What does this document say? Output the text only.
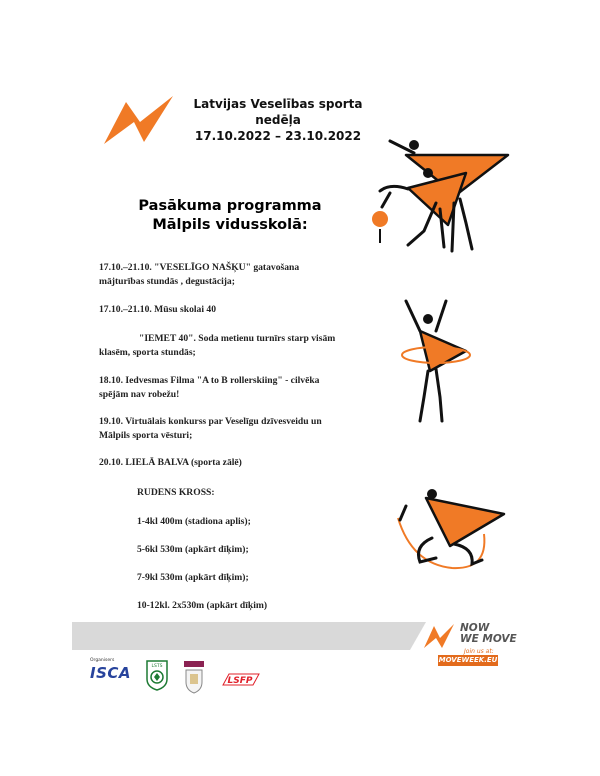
Latvijas Veselības sporta nedēļa
17.10.2022 – 23.10.2022
Pasākuma programma
Mālpils vidusskolā:
17.10.–21.10. "VESELĪGO NAŠĶU" gatavošana
mājturības stundās , degustācija;
17.10.–21.10. Mūsu skolai 40
"IEMET 40". Soda metienu turnīrs starp visām
klasēm, sporta stundās;
18.10. Iedvesmas Filma "A to B rollerskiing" - cilvēka
spējām nav robežu!
19.10. Virtuālais konkurss par Veselīgu dzīvesveidu un
Mālpils sporta vēsturi;
20.10. LIELĀ BALVA (sporta zālē)
RUDENS KROSS:
1-4kl 400m (stadiona aplis);
5-6kl 530m (apkārt dīķim);
7-9kl 530m (apkārt dīķim);
10-12kl. 2x530m (apkārt dīķim)
NOW
WE MOVE
Join us at:
MOVEWEEK.EU
Organisers
ISCA	LSTS
LSFP
